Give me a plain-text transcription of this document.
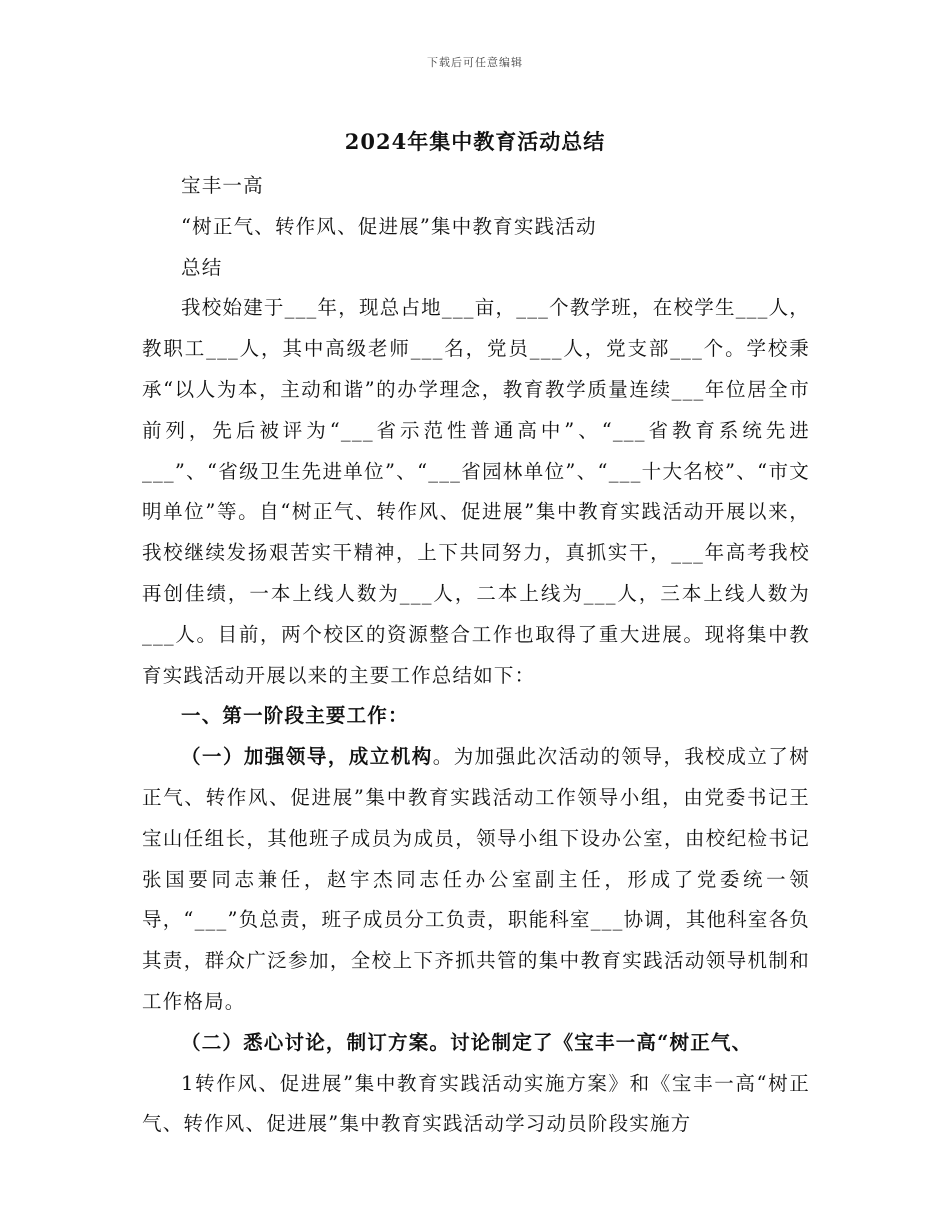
下载后可任意编辑
2024年集中教育活动总结

宝丰一高

“树正气、转作风、促进展”集中教育实践活动

总结

我校始建于___年，现总占地___亩，___个教学班，在校学生___人，教职工___人，其中高级老师___名，党员___人，党支部___个。学校秉承“以人为本，主动和谐”的办学理念，教育教学质量连续___年位居全市前列，先后被评为“___省示范性普通高中”、“___省教育系统先进___”、“省级卫生先进单位”、“___省园林单位”、“___十大名校”、“市文明单位”等。自“树正气、转作风、促进展”集中教育实践活动开展以来，我校继续发扬艰苦实干精神，上下共同努力，真抓实干，___年高考我校再创佳绩，一本上线人数为___人，二本上线为___人，三本上线人数为___人。目前，两个校区的资源整合工作也取得了重大进展。现将集中教育实践活动开展以来的主要工作总结如下：

一、第一阶段主要工作：

（一）加强领导，成立机构。为加强此次活动的领导，我校成立了树正气、转作风、促进展”集中教育实践活动工作领导小组，由党委书记王宝山任组长，其他班子成员为成员，领导小组下设办公室，由校纪检书记张国要同志兼任，赵宇杰同志任办公室副主任，形成了党委统一领导，“___”负总责，班子成员分工负责，职能科室___协调，其他科室各负其责，群众广泛参加，全校上下齐抓共管的集中教育实践活动领导机制和工作格局。

（二）悉心讨论，制订方案。讨论制定了《宝丰一高“树正气、

1转作风、促进展”集中教育实践活动实施方案》和《宝丰一高“树正气、转作风、促进展”集中教育实践活动学习动员阶段实施方
